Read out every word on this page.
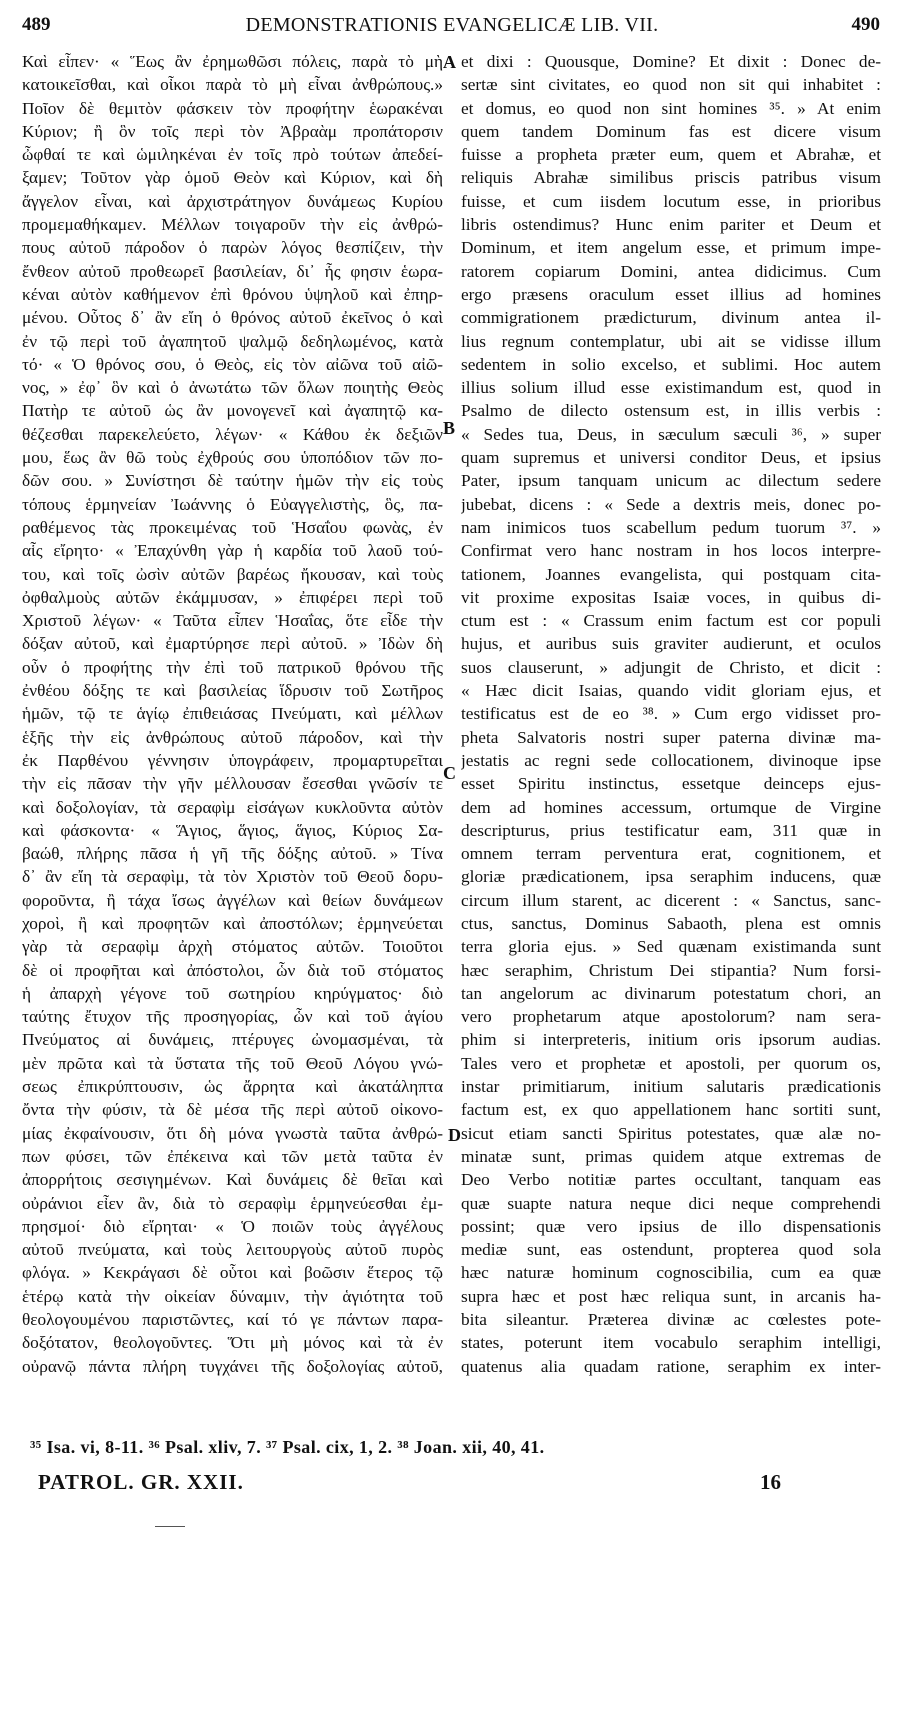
489	DEMONSTRATIONIS EVANGELICÆ LIB. VII.	490
Καὶ εἶπεν· « Ἕως ἂν ἐρημωθῶσι πόλεις, παρὰ τὸ μὴ
κατοικεῖσθαι, καὶ οἶκοι παρὰ τὸ μὴ εἶναι ἀνθρώπους.»
Ποῖον δὲ θεμιτὸν φάσκειν τὸν προφήτην ἑωρακέναι
Κύριον; ἢ ὃν τοῖς περὶ τὸν Ἀβραὰμ προπάτορσιν
ὦφθαί τε καὶ ὡμιληκέναι ἐν τοῖς πρὸ τούτων ἀπεδεί-
ξαμεν; Τοῦτον γὰρ ὁμοῦ Θεὸν καὶ Κύριον, καὶ δὴ
ἄγγελον εἶναι, καὶ ἀρχιστράτηγον δυνάμεως Κυρίου
προμεμαθήκαμεν. Μέλλων τοιγαροῦν τὴν εἰς ἀνθρώ-
πους αὐτοῦ πάροδον ὁ παρὼν λόγος θεσπίζειν, τὴν
ἔνθεον αὐτοῦ προθεωρεῖ βασιλείαν, δι᾽ ἧς φησιν ἑωρα-
κέναι αὐτὸν καθήμενον ἐπὶ θρόνου ὑψηλοῦ καὶ ἐπηρ-
μένου. Οὗτος δ᾽ ἂν εἴη ὁ θρόνος αὐτοῦ ἐκεῖνος ὁ καὶ
ἐν τῷ περὶ τοῦ ἀγαπητοῦ ψαλμῷ δεδηλωμένος, κατὰ
τό· « Ὁ θρόνος σου, ὁ Θεὸς, εἰς τὸν αἰῶνα τοῦ αἰῶ-
νος, » ἐφ᾽ ὃν καὶ ὁ ἀνωτάτω τῶν ὅλων ποιητὴς Θεὸς
Πατὴρ τε αὐτοῦ ὡς ἂν μονογενεῖ καὶ ἀγαπητῷ κα-
θέζεσθαι παρεκελεύετο, λέγων· « Κάθου ἐκ δεξιῶν
μου, ἕως ἂν θῶ τοὺς ἐχθρούς σου ὑποπόδιον τῶν πο-
δῶν σου. » Συνίστησι δὲ ταύτην ἡμῶν τὴν εἰς τοὺς
τόπους ἑρμηνείαν Ἰωάννης ὁ Εὐαγγελιστὴς, ὃς, πα-
ραθέμενος τὰς προκειμένας τοῦ Ἡσαΐου φωνὰς, ἐν
αἷς εἴρητο· « Ἐπαχύνθη γὰρ ἡ καρδία τοῦ λαοῦ τού-
του, καὶ τοῖς ὠσὶν αὐτῶν βαρέως ἤκουσαν, καὶ τοὺς
ὀφθαλμοὺς αὐτῶν ἐκάμμυσαν, » ἐπιφέρει περὶ τοῦ
Χριστοῦ λέγων· « Ταῦτα εἶπεν Ἡσαΐας, ὅτε εἶδε τὴν
δόξαν αὐτοῦ, καὶ ἐμαρτύρησε περὶ αὐτοῦ. » Ἰδὼν δὴ
οὖν ὁ προφήτης τὴν ἐπὶ τοῦ πατρικοῦ θρόνου τῆς
ἐνθέου δόξης τε καὶ βασιλείας ἵδρυσιν τοῦ Σωτῆρος
ἡμῶν, τῷ τε ἁγίῳ ἐπιθειάσας Πνεύματι, καὶ μέλλων
ἑξῆς τὴν εἰς ἀνθρώπους αὐτοῦ πάροδον, καὶ τὴν
ἐκ Παρθένου γέννησιν ὑπογράφειν, προμαρτυρεῖται
τὴν εἰς πᾶσαν τὴν γῆν μέλλουσαν ἔσεσθαι γνῶσίν τε
καὶ δοξολογίαν, τὰ σεραφὶμ εἰσάγων κυκλοῦντα αὐτὸν
καὶ φάσκοντα· « Ἅγιος, ἅγιος, ἅγιος, Κύριος Σα-
βαώθ, πλήρης πᾶσα ἡ γῆ τῆς δόξης αὐτοῦ. » Τίνα
δ᾽ ἂν εἴη τὰ σεραφὶμ, τὰ τὸν Χριστὸν τοῦ Θεοῦ δορυ-
φοροῦντα, ἢ τάχα ἴσως ἀγγέλων καὶ θείων δυνάμεων
χοροὶ, ἢ καὶ προφητῶν καὶ ἀποστόλων; ἑρμηνεύεται
γὰρ τὰ σεραφὶμ ἀρχὴ στόματος αὐτῶν. Τοιοῦτοι
δὲ οἱ προφῆται καὶ ἀπόστολοι, ὧν διὰ τοῦ στόματος
ἡ ἀπαρχὴ γέγονε τοῦ σωτηρίου κηρύγματος· διὸ
ταύτης ἔτυχον τῆς προσηγορίας, ὧν καὶ τοῦ ἁγίου
Πνεύματος αἱ δυνάμεις, πτέρυγες ὠνομασμέναι, τὰ
μὲν πρῶτα καὶ τὰ ὕστατα τῆς τοῦ Θεοῦ Λόγου γνώ-
σεως ἐπικρύπτουσιν, ὡς ἄρρητα καὶ ἀκατάληπτα
ὄντα τὴν φύσιν, τὰ δὲ μέσα τῆς περὶ αὐτοῦ οἰκονο-
μίας ἐκφαίνουσιν, ὅτι δὴ μόνα γνωστὰ ταῦτα ἀνθρώ-
πων φύσει, τῶν ἐπέκεινα καὶ τῶν μετὰ ταῦτα ἐν
ἀπορρήτοις σεσιγημένων. Καὶ δυνάμεις δὲ θεῖαι καὶ
οὐράνιοι εἶεν ἂν, διὰ τὸ σεραφὶμ ἑρμηνεύεσθαι ἐμ-
πρησμοί· διὸ εἴρηται· « Ὁ ποιῶν τοὺς ἀγγέλους
αὐτοῦ πνεύματα, καὶ τοὺς λειτουργοὺς αὐτοῦ πυρὸς
φλόγα. » Κεκράγασι δὲ οὗτοι καὶ βοῶσιν ἕτερος τῷ
ἑτέρῳ κατὰ τὴν οἰκείαν δύναμιν, τὴν ἁγιότητα τοῦ
θεολογουμένου παριστῶντες, καί τό γε πάντων παρα-
δοξότατον, θεολογοῦντες. Ὅτι μὴ μόνος καὶ τὰ ἐν
οὐρανῷ πάντα πλήρη τυγχάνει τῆς δοξολογίας αὐτοῦ,
et dixi : Quousque, Domine? Et dixit : Donec de-
sertæ sint civitates, eo quod non sit qui inhabitet :
et domus, eo quod non sint homines ³⁵. » At enim
quem tandem Dominum fas est dicere visum
fuisse a propheta præter eum, quem et Abrahæ, et
reliquis Abrahæ similibus priscis patribus visum
fuisse, et cum iisdem locutum esse, in prioribus
libris ostendimus? Hunc enim pariter et Deum et
Dominum, et item angelum esse, et primum impe-
ratorem copiarum Domini, antea didicimus. Cum
ergo præsens oraculum esset illius ad homines
commigrationem prædicturum, divinum antea il-
lius regnum contemplatur, ubi ait se vidisse illum
sedentem in solio excelso, et sublimi. Hoc autem
illius solium illud esse existimandum est, quod in
Psalmo de dilecto ostensum est, in illis verbis :
« Sedes tua, Deus, in sæculum sæculi ³⁶, » super
quam supremus et universi conditor Deus, et ipsius
Pater, ipsum tanquam unicum ac dilectum sedere
jubebat, dicens : « Sede a dextris meis, donec po-
nam inimicos tuos scabellum pedum tuorum ³⁷. »
Confirmat vero hanc nostram in hos locos interpre-
tationem, Joannes evangelista, qui postquam cita-
vit proxime expositas Isaiæ voces, in quibus di-
ctum est : « Crassum enim factum est cor populi
hujus, et auribus suis graviter audierunt, et oculos
suos clauserunt, » adjungit de Christo, et dicit :
« Hæc dicit Isaias, quando vidit gloriam ejus, et
testificatus est de eo ³⁸. » Cum ergo vidisset pro-
pheta Salvatoris nostri super paterna divinæ ma-
jestatis ac regni sede collocationem, divinoque ipse
esset Spiritu instinctus, essetque deinceps ejus-
dem ad homines accessum, ortumque de Virgine
descripturus, prius testificatur eam, 311 quæ in
omnem terram perventura erat, cognitionem, et
gloriæ prædicationem, ipsa seraphim inducens, quæ
circum illum starent, ac dicerent : « Sanctus, sanc-
ctus, sanctus, Dominus Sabaoth, plena est omnis
terra gloria ejus. » Sed quænam existimanda sunt
hæc seraphim, Christum Dei stipantia? Num forsi-
tan angelorum ac divinarum potestatum chori, an
vero prophetarum atque apostolorum? nam sera-
phim si interpreteris, initium oris ipsorum audias.
Tales vero et prophetæ et apostoli, per quorum os,
instar primitiarum, initium salutaris prædicationis
factum est, ex quo appellationem hanc sortiti sunt,
sicut etiam sancti Spiritus potestates, quæ alæ no-
minatæ sunt, primas quidem atque extremas de
Deo Verbo notitiæ partes occultant, tanquam eas
quæ suapte natura neque dici neque comprehendi
possint; quæ vero ipsius de illo dispensationis
mediæ sunt, eas ostendunt, propterea quod sola
hæc naturæ hominum cognoscibilia, cum ea quæ
supra hæc et post hæc reliqua sunt, in arcanis ha-
bita sileantur. Præterea divinæ ac cœlestes pote-
states, poterunt item vocabulo seraphim intelligi,
quatenus alia quadam ratione, seraphim ex inter-
A
B
C
D
³⁵ Isa. vi, 8-11. ³⁶ Psal. xliv, 7. ³⁷ Psal. cix, 1, 2. ³⁸ Joan. xii, 40, 41.
PATROL. GR. XXII.	16
